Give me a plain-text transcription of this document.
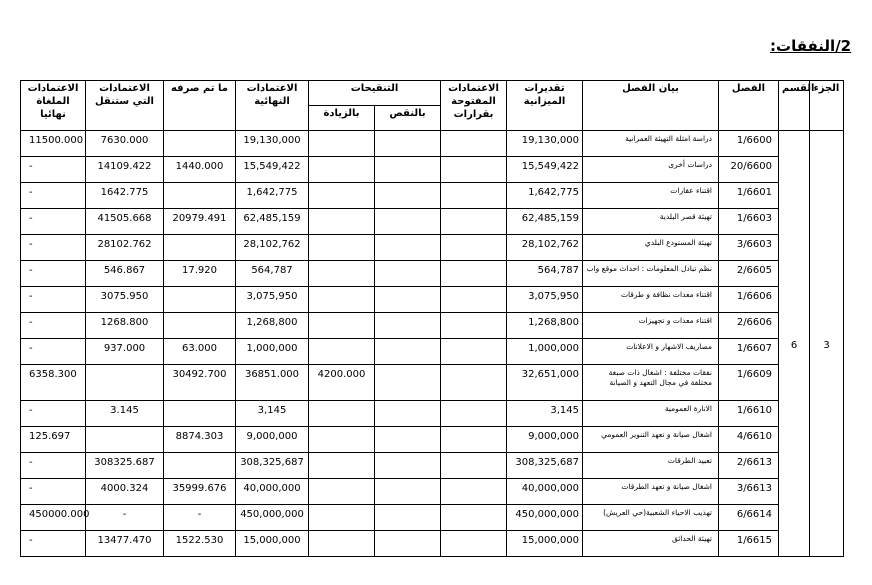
2/النفقات:
الاعتمادات الملغاة نهائيا	الاعتمادات التي ستنقل	ما تم صرفه	الاعتمادات النهائية	التنقيحات		الاعتمادات المفتوحة بقرارات	تقديرات الميزانية	بيان الفصل	الفصل	القسم	الجزء
				بالزيادة	بالنقص						
11500.000	7630.000		19,130,000				19,130,000	دراسة امثلة التهيئة العمرانية	1/6600	6	3
-	14109.422	1440.000	15,549,422				15,549,422	دراسات أخرى	20/6600		
-	1642.775		1,642,775				1,642,775	اقتناء عقارات	1/6601		
-	41505.668	20979.491	62,485,159				62,485,159	تهيئة قصر البلدية	1/6603		
-	28102.762		28,102,762				28,102,762	تهيئة المستودع البلدي	3/6603		
-	546.867	17.920	564,787				564,787	نظم تبادل المعلومات : احداث موقع واب	2/6605		
-	3075.950		3,075,950				3,075,950	اقتناء معدات نظافة و طرقات	1/6606		
-	1268.800		1,268,800				1,268,800	اقتناء معدات و تجهيزات	2/6606		
-	937.000	63.000	1,000,000				1,000,000	مصاريف الاشهار و الاعلانات	1/6607		
6358.300		30492.700	36851.000	4200.000			32,651,000	نفقات مختلفة : اشغال ذات صبغة مختلفة في مجال التعهد و الصيانة	1/6609		
-	3.145		3,145				3,145	الانارة العمومية	1/6610		
125.697		8874.303	9,000,000				9,000,000	اشغال صيانة و تعهد التنوير العمومي	4/6610		
-	308325.687		308,325,687				308,325,687	تعبيد الطرقات	2/6613		
-	4000.324	35999.676	40,000,000				40,000,000	اشغال صيانة و تعهد الطرقات	3/6613		
450000.000	-	-	450,000,000				450,000,000	تهذيب الاحياء الشعبية(حي العريش)	6/6614		
-	13477.470	1522.530	15,000,000				15,000,000	تهيئة الحدائق	1/6615		
